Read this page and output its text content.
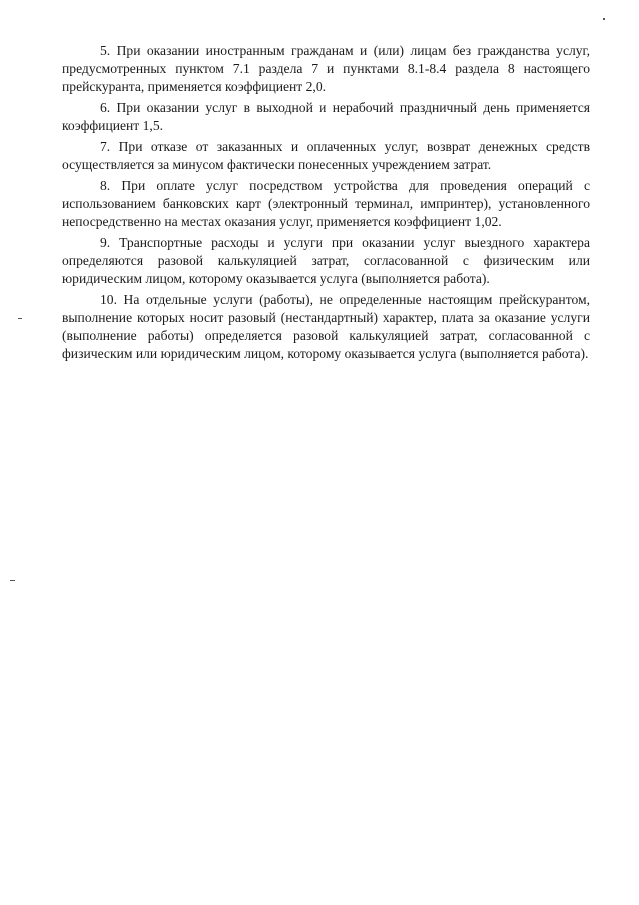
5. При оказании иностранным гражданам и (или) лицам без гражданства услуг, предусмотренных пунктом 7.1 раздела 7 и пунктами 8.1-8.4 раздела 8 настоящего прейскуранта, применяется коэффициент 2,0.

6. При оказании услуг в выходной и нерабочий праздничный день применяется коэффициент 1,5.

7. При отказе от заказанных и оплаченных услуг, возврат денежных средств осуществляется за минусом фактически понесенных учреждением затрат.

8. При оплате услуг посредством устройства для проведения операций с использованием банковских карт (электронный терминал, импринтер), установленного непосредственно на местах оказания услуг, применяется коэффициент 1,02.

9. Транспортные расходы и услуги при оказании услуг выездного характера определяются разовой калькуляцией затрат, согласованной с физическим или юридическим лицом, которому оказывается услуга (выполняется работа).

10. На отдельные услуги (работы), не определенные настоящим прейскурантом, выполнение которых носит разовый (нестандартный) характер, плата за оказание услуги (выполнение работы) определяется разовой калькуляцией затрат, согласованной с физическим или юридическим лицом, которому оказывается услуга (выполняется работа).
